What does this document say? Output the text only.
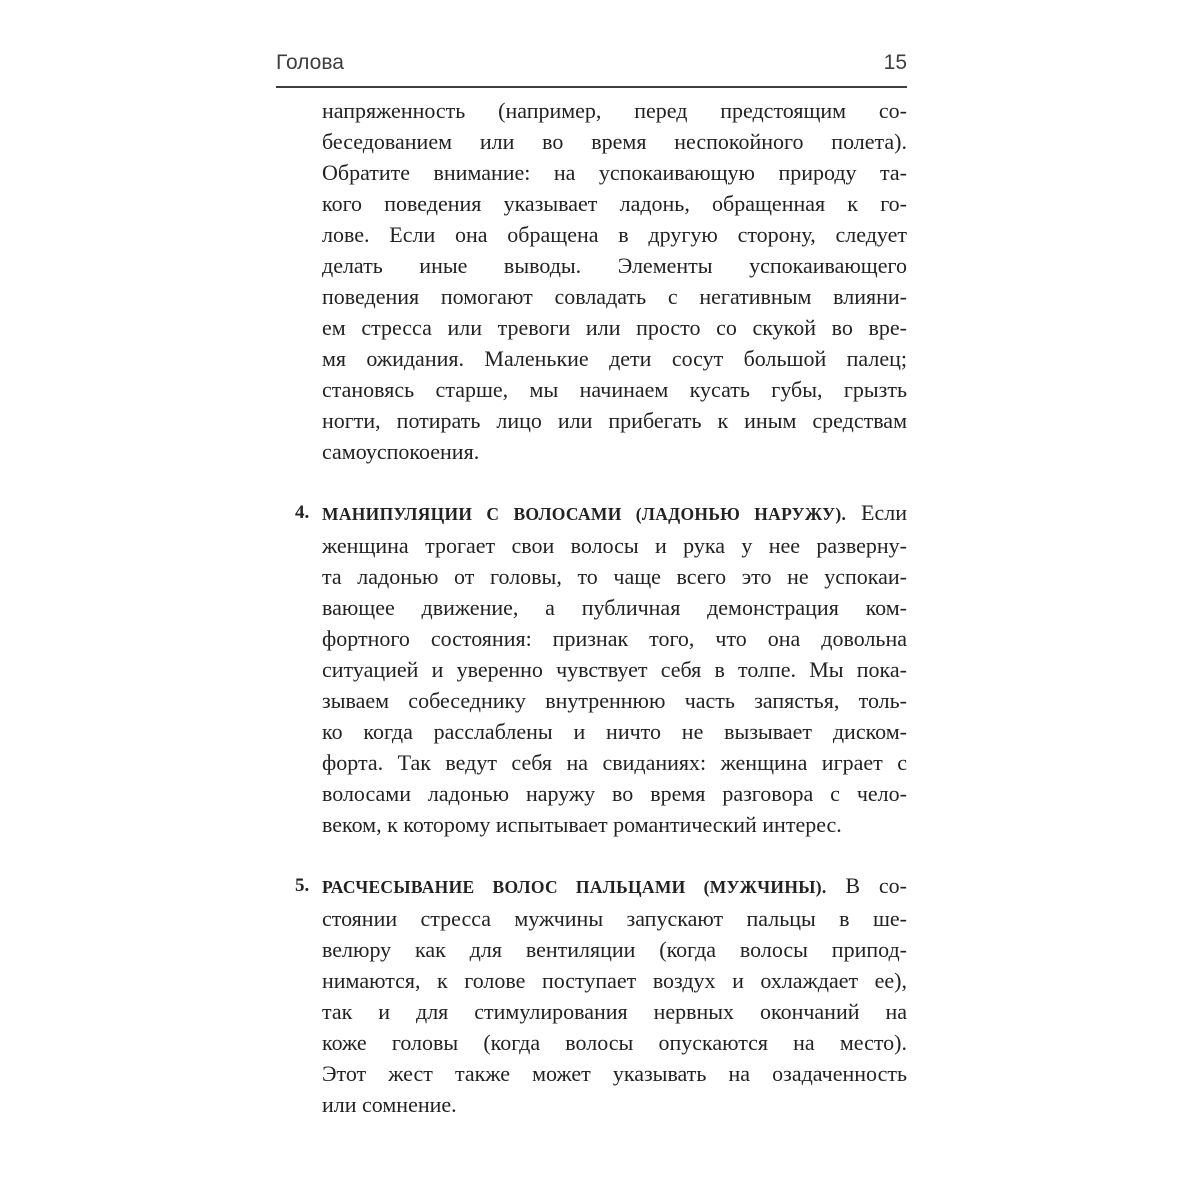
Голова	15
напряженность (например, перед предстоящим со-
беседованием или во время неспокойного полета).
Обратите внимание: на успокаивающую природу та-
кого поведения указывает ладонь, обращенная к го-
лове. Если она обращена в другую сторону, следует
делать иные выводы. Элементы успокаивающего
поведения помогают совладать с негативным влияни-
ем стресса или тревоги или просто со скукой во вре-
мя ожидания. Маленькие дети сосут большой палец;
становясь старше, мы начинаем кусать губы, грызть
ногти, потирать лицо или прибегать к иным средствам
самоуспокоения.
4. МАНИПУЛЯЦИИ С ВОЛОСАМИ (ЛАДОНЬЮ НАРУЖУ). Если
женщина трогает свои волосы и рука у нее разверну-
та ладонью от головы, то чаще всего это не успокаи-
вающее движение, а публичная демонстрация ком-
фортного состояния: признак того, что она довольна
ситуацией и уверенно чувствует себя в толпе. Мы пока-
зываем собеседнику внутреннюю часть запястья, толь-
ко когда расслаблены и ничто не вызывает диском-
форта. Так ведут себя на свиданиях: женщина играет с
волосами ладонью наружу во время разговора с чело-
веком, к которому испытывает романтический интерес.
5. РАСЧЕСЫВАНИЕ ВОЛОС ПАЛЬЦАМИ (МУЖЧИНЫ). В со-
стоянии стресса мужчины запускают пальцы в ше-
велюру как для вентиляции (когда волосы припод-
нимаются, к голове поступает воздух и охлаждает ее),
так и для стимулирования нервных окончаний на
коже головы (когда волосы опускаются на место).
Этот жест также может указывать на озадаченность
или сомнение.
